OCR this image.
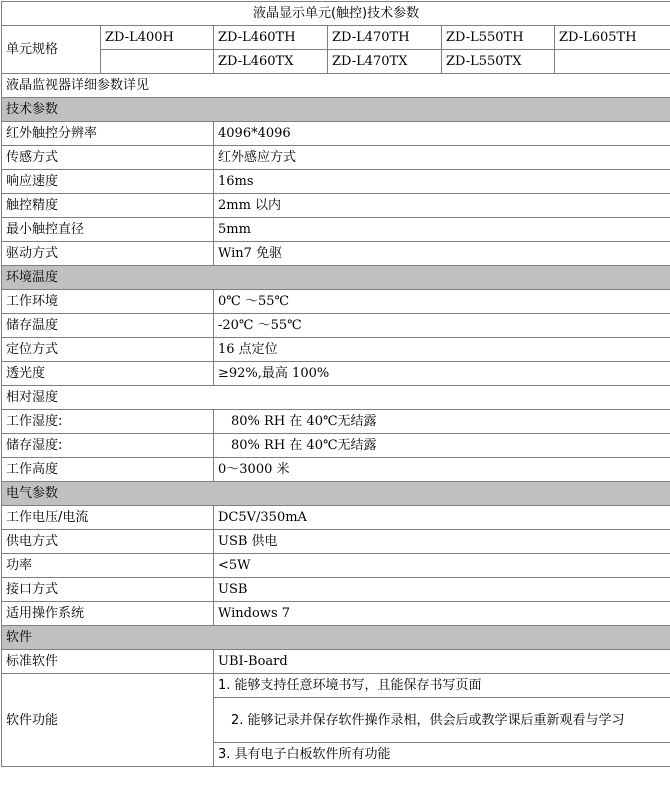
液晶显示单元(触控)技术参数					
单元规格	ZD-L400H	ZD-L460TH	ZD-L470TH	ZD-L550TH	ZD-L605TH
		ZD-L460TX	ZD-L470TX	ZD-L550TX	
液晶监视器详细参数详见					
技术参数					
红外触控分辨率		4096*4096			
传感方式		红外感应方式			
响应速度		16ms			
触控精度		2mm 以内			
最小触控直径		5mm			
驱动方式		Win7 免驱			
环境温度					
工作环境		0℃ ～55℃			
储存温度		-20℃ ～55℃			
定位方式		16 点定位			
透光度		≥92%,最高 100%			
相对湿度					
工作湿度:		80% RH 在 40℃无结露			
储存湿度:		80% RH 在 40℃无结露			
工作高度		0～3000 米			
电气参数					
工作电压/电流		DC5V/350mA			
供电方式		USB 供电			
功率		<5W			
接口方式		USB			
适用操作系统		Windows 7			
软件					
标准软件		UBI-Board			
软件功能		1. 能够支持任意环境书写，且能保存书写页面			
		2. 能够记录并保存软件操作录相，供会后或教学课后重新观看与学习			
		3. 具有电子白板软件所有功能			
